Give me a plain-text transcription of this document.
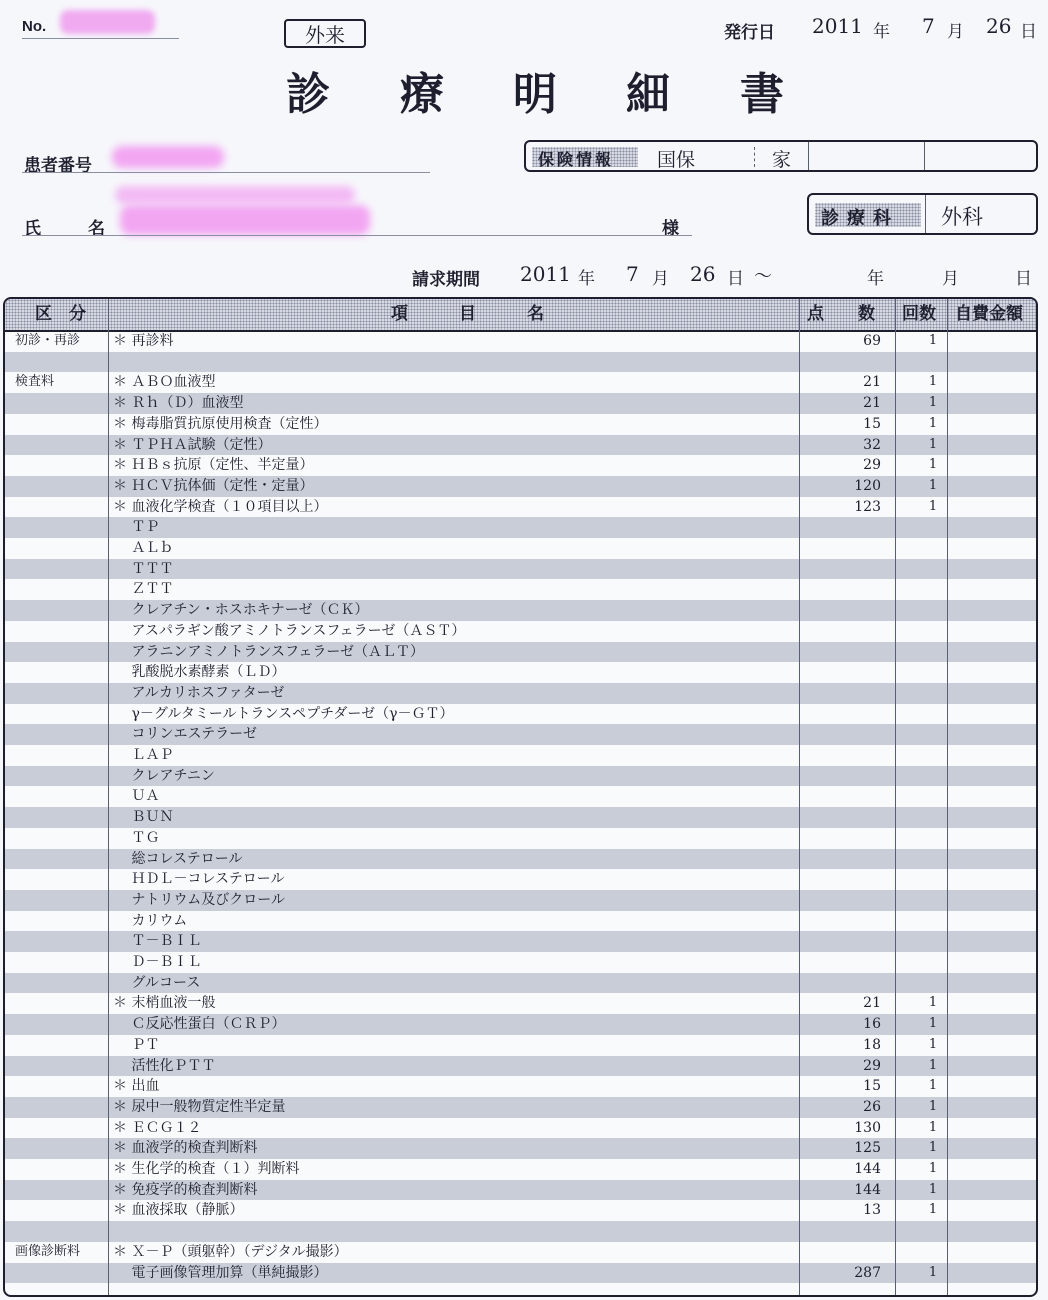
No.	外来	発行日 2011 年 7 月 26 日
診 療 明 細 書
患者番号
氏	名	様
保険情報 国保	家
診療科 外科
請求期間 2011 年 7 月 26 日 ～	年	月	日
初診・再診 ＊ 再診料	69	1
検査料	＊ ＡＢＯ血液型	21	1
＊ Ｒｈ（Ｄ）血液型	21	1
＊ 梅毒脂質抗原使用検査（定性）	15	1
＊ ＴＰＨＡ試験（定性）	32	1
＊ ＨＢｓ抗原（定性、半定量）	29	1
＊ ＨＣＶ抗体価（定性・定量）	120	1
＊ 血液化学検査（１０項目以上）	123	1
　 ＴＰ
　 ＡＬｂ
　 ＴＴＴ
　 ＺＴＴ
　 クレアチン・ホスホキナーゼ（ＣＫ）
　 アスパラギン酸アミノトランスフェラーゼ（ＡＳＴ）
　 アラニンアミノトランスフェラーゼ（ＡＬＴ）
　 乳酸脱水素酵素（ＬＤ）
　 アルカリホスファターゼ
　 γ－グルタミールトランスペプチダーゼ（γ－ＧＴ）
　 コリンエステラーゼ
　 ＬＡＰ
　 クレアチニン
　 ＵＡ
　 ＢＵＮ
　 ＴＧ
　 総コレステロール
　 ＨＤＬ－コレステロール
　 ナトリウム及びクロール
　 カリウム
　 Ｔ－ＢＩＬ
　 Ｄ－ＢＩＬ
　 グルコース
＊ 末梢血液一般	21	1
　 Ｃ反応性蛋白（ＣＲＰ）	16	1
　 ＰＴ	18	1
　 活性化ＰＴＴ	29	1
＊ 出血	15	1
＊ 尿中一般物質定性半定量	26	1
＊ ＥＣＧ１２	130	1
＊ 血液学的検査判断料	125	1
＊ 生化学的検査（１）判断料	144	1
＊ 免疫学的検査判断料	144	1
＊ 血液採取（静脈）	13	1
画像診断料 ＊ Ｘ－Ｐ（頭躯幹）（デジタル撮影）
　 電子画像管理加算（単純撮影）	287	1
区　分	項　　　目　　　名	点　　数 回数 自費金額
